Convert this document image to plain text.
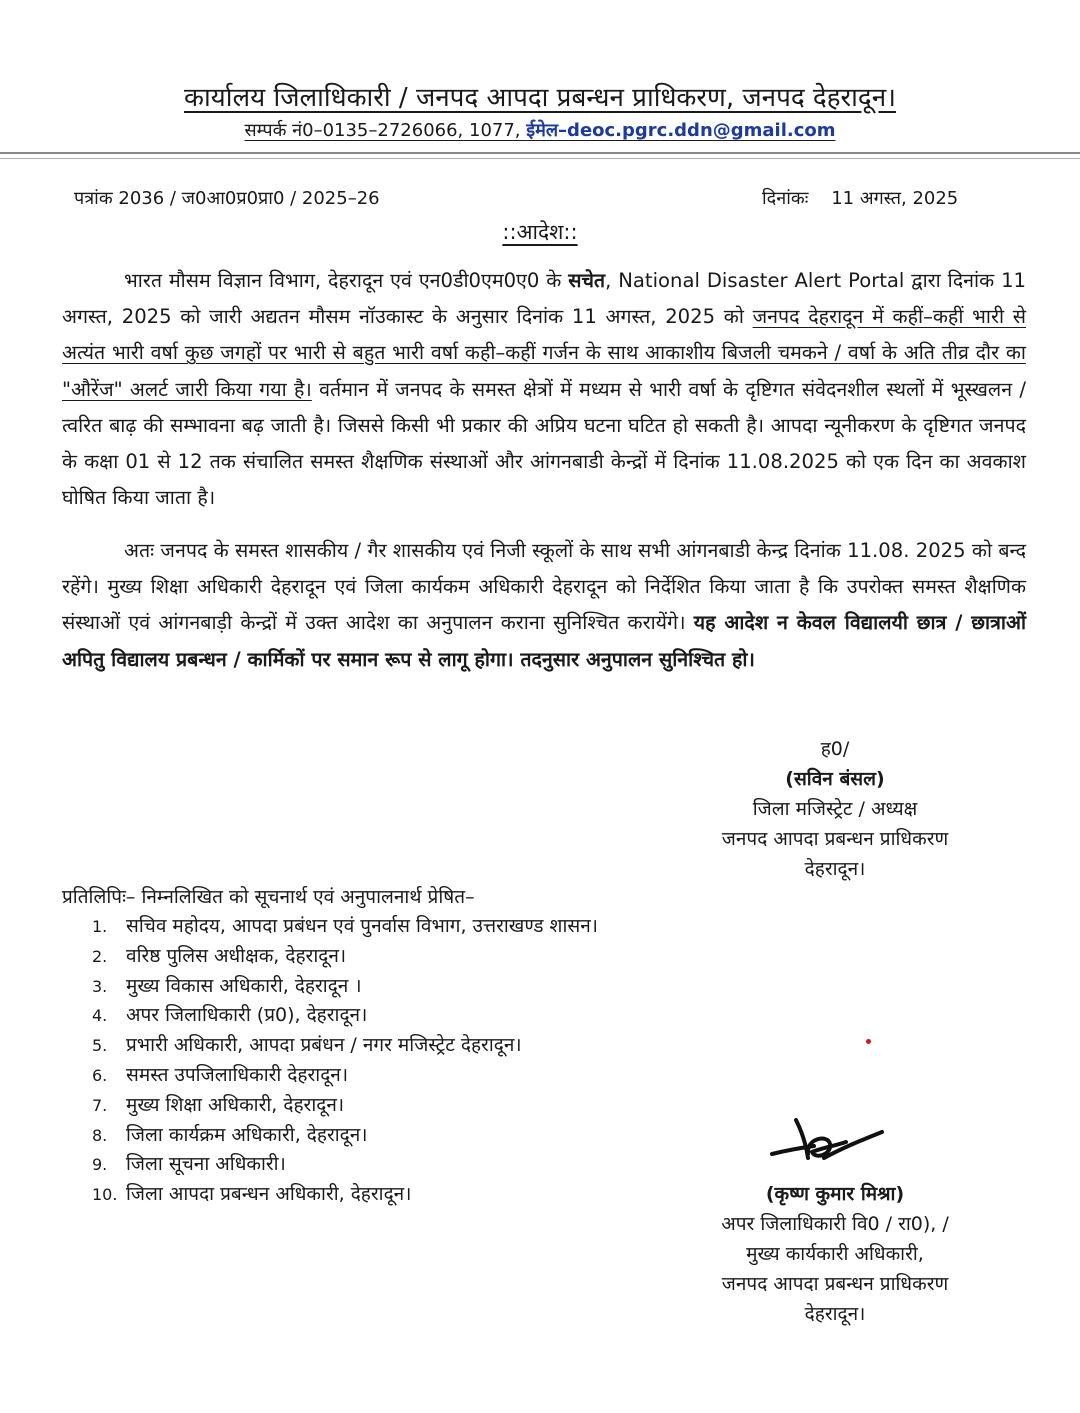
कार्यालय जिलाधिकारी / जनपद आपदा प्रबन्धन प्राधिकरण, जनपद देहरादून।
सम्पर्क नं0–0135–2726066, 1077, ईमेल–deoc.pgrc.ddn@gmail.com
पत्रांक 2036 / ज0आ0प्र0प्रा0 / 2025–26	दिनांकः 11 अगस्त, 2025
::आदेश::
भारत मौसम विज्ञान विभाग, देहरादून एवं एन0डी0एम0ए0 के सचेत, National Disaster Alert Portal द्वारा दिनांक 11 अगस्त, 2025 को जारी अद्यतन मौसम नॉउकास्ट के अनुसार दिनांक 11 अगस्त, 2025 को जनपद देहरादून में कहीं–कहीं भारी से अत्यंत भारी वर्षा कुछ जगहों पर भारी से बहुत भारी वर्षा कही–कहीं गर्जन के साथ आकाशीय बिजली चमकने / वर्षा के अति तीव्र दौर का "औरेंज" अलर्ट जारी किया गया है। वर्तमान में जनपद के समस्त क्षेत्रों में मध्यम से भारी वर्षा के दृष्टिगत संवेदनशील स्थलों में भूस्खलन / त्वरित बाढ़ की सम्भावना बढ़ जाती है। जिससे किसी भी प्रकार की अप्रिय घटना घटित हो सकती है। आपदा न्यूनीकरण के दृष्टिगत जनपद के कक्षा 01 से 12 तक संचालित समस्त शैक्षणिक संस्थाओं और आंगनबाडी केन्द्रों में दिनांक 11.08.2025 को एक दिन का अवकाश घोषित किया जाता है।
अतः जनपद के समस्त शासकीय / गैर शासकीय एवं निजी स्कूलों के साथ सभी आंगनबाडी केन्द्र दिनांक 11.08. 2025 को बन्द रहेंगे। मुख्य शिक्षा अधिकारी देहरादून एवं जिला कार्यकम अधिकारी देहरादून को निर्देशित किया जाता है कि उपरोक्त समस्त शैक्षणिक संस्थाओं एवं आंगनबाड़ी केन्द्रों में उक्त आदेश का अनुपालन कराना सुनिश्चित करायेंगे। यह आदेश न केवल विद्यालयी छात्र / छात्राओं अपितु विद्यालय प्रबन्धन / कार्मिकों पर समान रूप से लागू होगा। तदनुसार अनुपालन सुनिश्चित हो।
ह0/
(सविन बंसल)
जिला मजिस्ट्रेट / अध्यक्ष
जनपद आपदा प्रबन्धन प्राधिकरण
देहरादून।
प्रतिलिपिः– निम्नलिखित को सूचनार्थ एवं अनुपालनार्थ प्रेषित–
1. सचिव महोदय, आपदा प्रबंधन एवं पुनर्वास विभाग, उत्तराखण्ड शासन।
2. वरिष्ठ पुलिस अधीक्षक, देहरादून।
3. मुख्य विकास अधिकारी, देहरादून ।
4. अपर जिलाधिकारी (प्र0), देहरादून।
5. प्रभारी अधिकारी, आपदा प्रबंधन / नगर मजिस्ट्रेट देहरादून।
6. समस्त उपजिलाधिकारी देहरादून।
7. मुख्य शिक्षा अधिकारी, देहरादून।
8. जिला कार्यक्रम अधिकारी, देहरादून।
9. जिला सूचना अधिकारी।
10. जिला आपदा प्रबन्धन अधिकारी, देहरादून।	(कृष्ण कुमार मिश्रा)
अपर जिलाधिकारी वि0 / रा0), /
मुख्य कार्यकारी अधिकारी,
जनपद आपदा प्रबन्धन प्राधिकरण
देहरादून।
